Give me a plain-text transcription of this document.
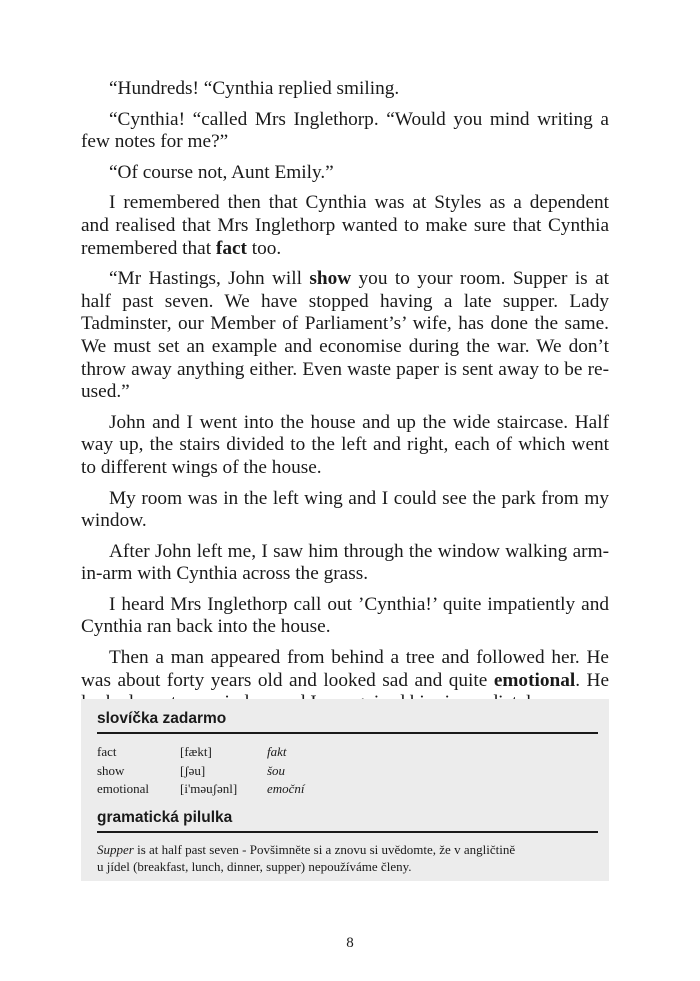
“Hundreds! “Cynthia replied smiling.

“Cynthia! “called Mrs Inglethorp. “Would you mind writing a few notes for me?”

“Of course not, Aunt Emily.”

I remembered then that Cynthia was at Styles as a dependent and realised that Mrs Inglethorp wanted to make sure that Cynthia remembered that fact too.

“Mr Hastings, John will show you to your room. Supper is at half past seven. We have stopped having a late supper. Lady Tadminster, our Member of Parliament’s’ wife, has done the same. We must set an example and economise during the war. We don’t throw away anything either. Even waste paper is sent away to be re-used.”

John and I went into the house and up the wide staircase. Half way up, the stairs divided to the left and right, each of which went to different wings of the house.

My room was in the left wing and I could see the park from my window.

After John left me, I saw him through the window walking arm-in-arm with Cynthia across the grass.

I heard Mrs Inglethorp call out ’Cynthia!’ quite impatiently and Cynthia ran back into the house.

Then a man appeared from behind a tree and followed her. He was about forty years old and looked sad and quite emotional. He

slovíčka zadarmo
fact	[fækt]	fakt
show	[ʃəu]	šou
emotional	[i'məuʃənl]	emoční
gramatická pilulka
Supper is at half past seven - Povšimněte si a znovu si uvědomte, že v angličtině
u jídel (breakfast, lunch, dinner, supper) nepoužíváme členy.
8
